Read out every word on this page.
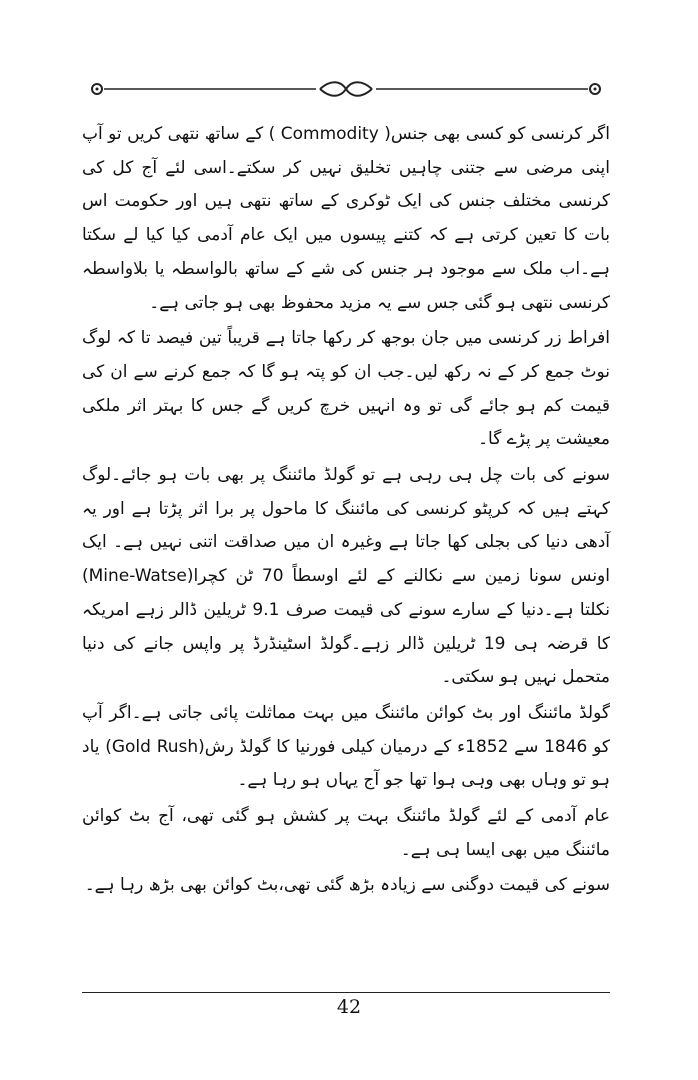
اگر کرنسی کو کسی بھی جنس( Commodity ) کے ساتھ نتھی کریں تو آپ اپنی مرضی سے جتنی چاہیں تخلیق نہیں کر سکتے۔اسی لئے آج کل کی کرنسی مختلف جنس کی ایک ٹوکری کے ساتھ نتھی ہیں اور حکومت اس بات کا تعین کرتی ہے کہ کتنے پیسوں میں ایک عام آدمی کیا کیا لے سکتا ہے۔اب ملک سے موجود ہر جنس کی شے کے ساتھ بالواسطہ یا بلاواسطہ کرنسی نتھی ہو گئی جس سے یہ مزید محفوظ بھی ہو جاتی ہے۔

افراط زر کرنسی میں جان بوجھ کر رکھا جاتا ہے قریباً تین فیصد تا کہ لوگ نوٹ جمع کر کے نہ رکھ لیں۔جب ان کو پتہ ہو گا کہ جمع کرنے سے ان کی قیمت کم ہو جائے گی تو وہ انہیں خرچ کریں گے جس کا بہتر اثر ملکی معیشت پر پڑے گا۔

سونے کی بات چل ہی رہی ہے تو گولڈ مائننگ پر بھی بات ہو جائے۔لوگ کہتے ہیں کہ کرپٹو کرنسی کی مائننگ کا ماحول پر برا اثر پڑتا ہے اور یہ آدھی دنیا کی بجلی کھا جاتا ہے وغیرہ ان میں صداقت اتنی نہیں ہے۔ ایک اونس سونا زمین سے نکالنے کے لئے اوسطاً 70 ٹن کچرا(Mine-Watse) نکلتا ہے۔دنیا کے سارے سونے کی قیمت صرف 9.1 ٹریلین ڈالر زہے امریکہ کا قرضہ ہی 19 ٹریلین ڈالر زہے۔گولڈ اسٹینڈرڈ پر واپس جانے کی دنیا متحمل نہیں ہو سکتی۔

گولڈ مائننگ اور بٹ کوائن مائننگ میں بہت مماثلت پائی جاتی ہے۔اگر آپ کو 1846 سے 1852ء کے درمیان کیلی فورنیا کا گولڈ رش(Gold Rush) یاد ہو تو وہاں بھی وہی ہوا تھا جو آج یہاں ہو رہا ہے۔

عام آدمی کے لئے گولڈ مائننگ بہت پر کشش ہو گئی تھی، آج بٹ کوائن مائننگ میں بھی ایسا ہی ہے۔

سونے کی قیمت دوگنی سے زیادہ بڑھ گئی تھی،بٹ کوائن بھی بڑھ رہا ہے۔

42
